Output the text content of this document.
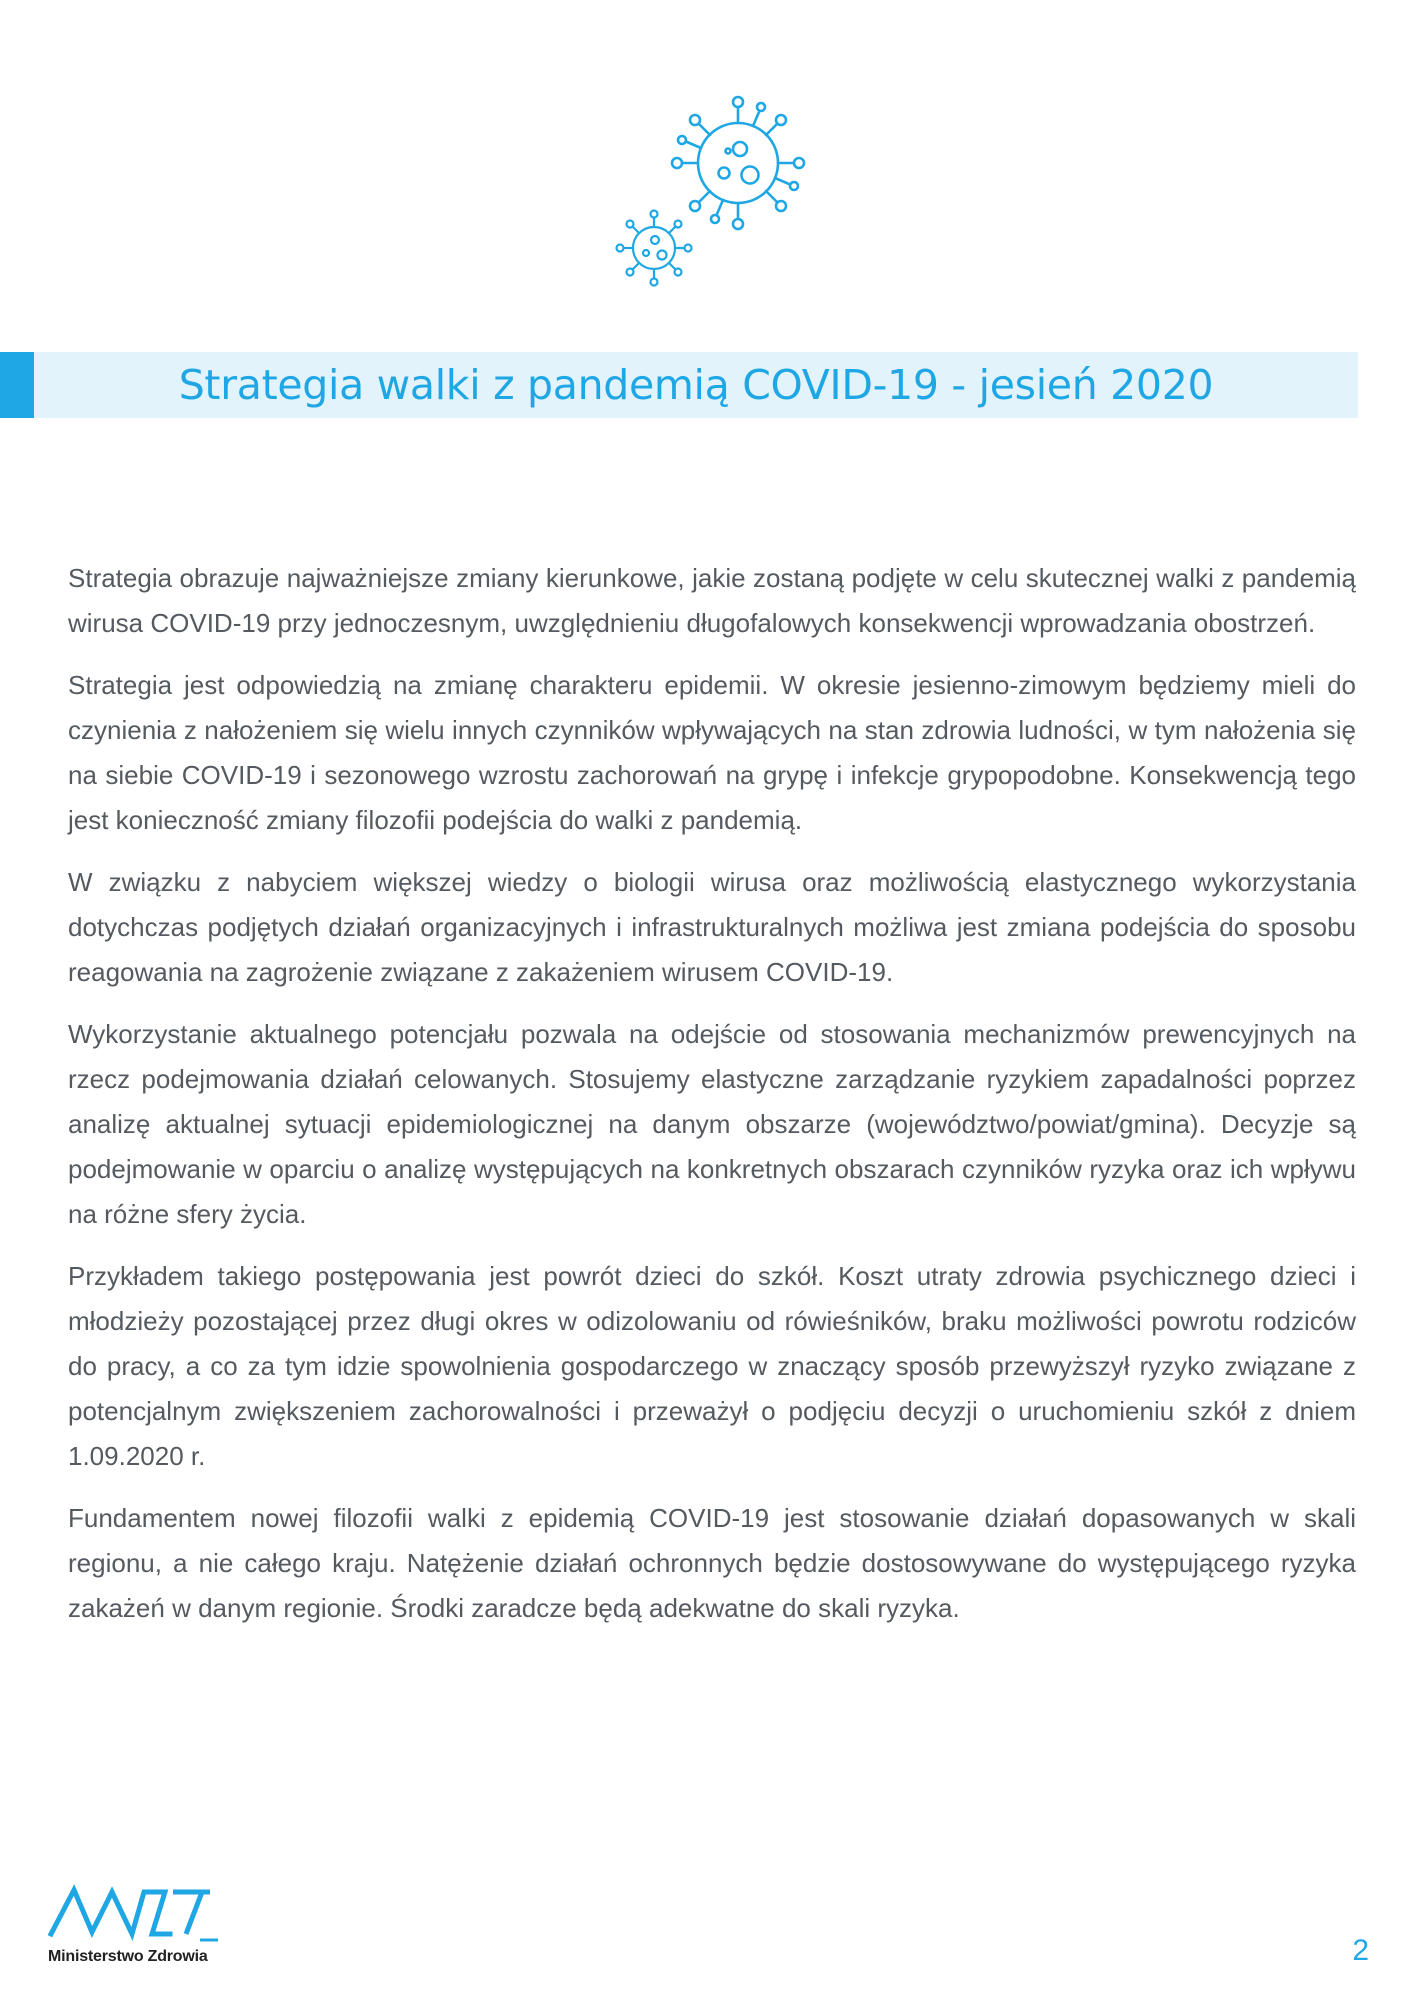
Strategia walki z pandemią COVID-19 - jesień 2020

Strategia obrazuje najważniejsze zmiany kierunkowe, jakie zostaną podjęte w celu skutecznej walki z pandemią wirusa COVID-19 przy jednoczesnym, uwzględnieniu długofalowych konsekwencji wprowadzania obostrzeń.

Strategia jest odpowiedzią na zmianę charakteru epidemii. W okresie jesienno-zimowym będziemy mieli do czynienia z nałożeniem się wielu innych czynników wpływających na stan zdrowia ludności, w tym nałożenia się na siebie COVID-19 i sezonowego wzrostu zachorowań na grypę i infekcje grypopodobne. Konsekwencją tego jest konieczność zmiany filozofii podejścia do walki z pandemią.

W związku z nabyciem większej wiedzy o biologii wirusa oraz możliwością elastycznego wykorzystania dotychczas podjętych działań organizacyjnych i infrastrukturalnych możliwa jest zmiana podejścia do sposobu reagowania na zagrożenie związane z zakażeniem wirusem COVID-19.

Wykorzystanie aktualnego potencjału pozwala na odejście od stosowania mechanizmów prewencyjnych na rzecz podejmowania działań celowanych. Stosujemy elastyczne zarządzanie ryzykiem zapadalności poprzez analizę aktualnej sytuacji epidemiologicznej na danym obszarze (województwo/powiat/gmina). Decyzje są podejmowanie w oparciu o analizę występujących na konkretnych obszarach czynników ryzyka oraz ich wpływu na różne sfery życia.

Przykładem takiego postępowania jest powrót dzieci do szkół. Koszt utraty zdrowia psychicznego dzieci i młodzieży pozostającej przez długi okres w odizolowaniu od rówieśników, braku możliwości powrotu rodziców do pracy, a co za tym idzie spowolnienia gospodarczego w znaczący sposób przewyższył ryzyko związane z potencjalnym zwiększeniem zachorowalności i przeważył o podjęciu decyzji o uruchomieniu szkół z dniem 1.09.2020 r.

Fundamentem nowej filozofii walki z epidemią COVID-19 jest stosowanie działań dopasowanych w skali regionu, a nie całego kraju. Natężenie działań ochronnych będzie dostosowywane do występującego ryzyka zakażeń w danym regionie. Środki zaradcze będą adekwatne do skali ryzyka.

Ministerstwo Zdrowia	2
